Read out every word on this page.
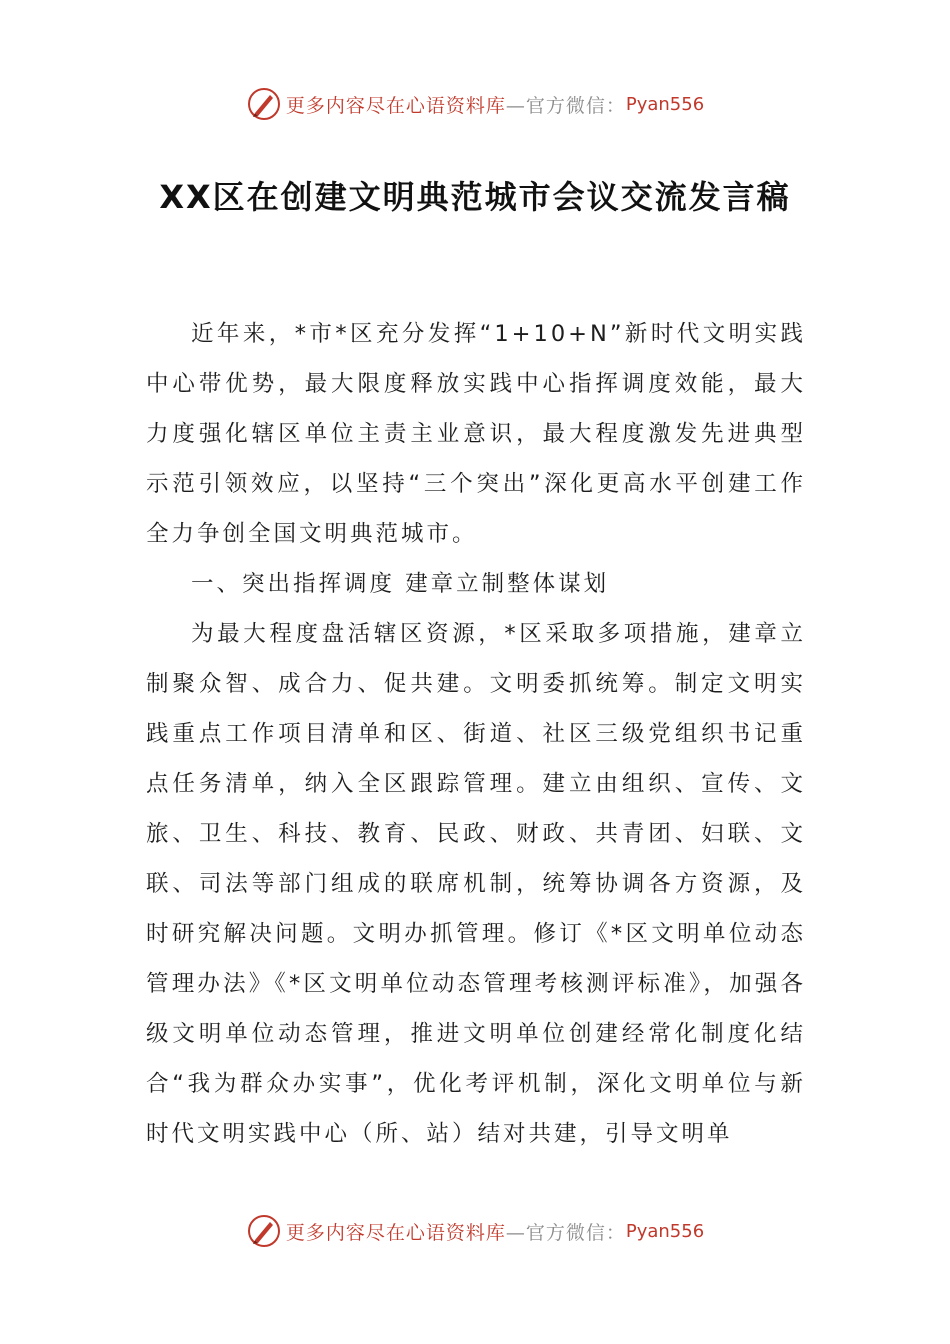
更多内容尽在心语资料库 —官方微信： Pyan556
XX区在创建文明典范城市会议交流发言稿

近年来，*市*区充分发挥“1+10+N”新时代文明实践中心带优势，最大限度释放实践中心指挥调度效能，最大力度强化辖区单位主责主业意识，最大程度激发先进典型示范引领效应，以坚持“三个突出”深化更高水平创建工作全力争创全国文明典范城市。

一、突出指挥调度 建章立制整体谋划

为最大程度盘活辖区资源，*区采取多项措施，建章立制聚众智、成合力、促共建。文明委抓统筹。制定文明实践重点工作项目清单和区、街道、社区三级党组织书记重点任务清单，纳入全区跟踪管理。建立由组织、宣传、文旅、卫生、科技、教育、民政、财政、共青团、妇联、文联、司法等部门组成的联席机制，统筹协调各方资源，及时研究解决问题。文明办抓管理。修订《*区文明单位动态管理办法》《*区文明单位动态管理考核测评标准》，加强各级文明单位动态管理，推进文明单位创建经常化制度化结合“我为群众办实事”，优化考评机制，深化文明单位与新时代文明实践中心（所、站）结对共建，引导文明单

更多内容尽在心语资料库 —官方微信： Pyan556
